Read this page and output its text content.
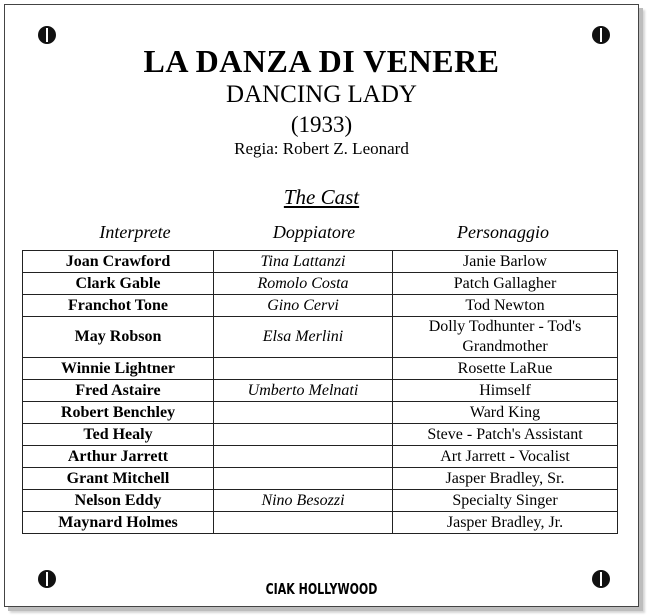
LA DANZA DI VENERE
DANCING LADY
(1933)
Regia: Robert Z. Leonard
The Cast
Interprete	Doppiatore	Personaggio
Joan Crawford	Tina Lattanzi	Janie Barlow
Clark Gable	Romolo Costa	Patch Gallagher
Franchot Tone	Gino Cervi	Tod Newton
May Robson	Elsa Merlini	Dolly Todhunter - Tod's Grandmother
Winnie Lightner		Rosette LaRue
Fred Astaire	Umberto Melnati	Himself
Robert Benchley		Ward King
Ted Healy		Steve - Patch's Assistant
Arthur Jarrett		Art Jarrett - Vocalist
Grant Mitchell		Jasper Bradley, Sr.
Nelson Eddy	Nino Besozzi	Specialty Singer
Maynard Holmes		Jasper Bradley, Jr.
CIAK HOLLYWOOD
